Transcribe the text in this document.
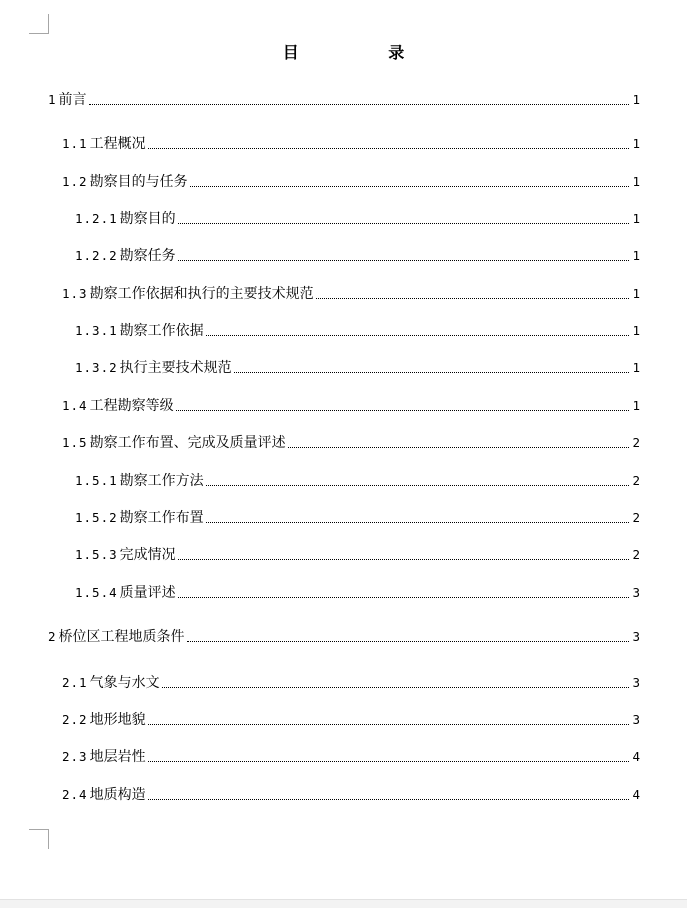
目 录
1 前言	1
1.1 工程概况	1
1.2 勘察目的与任务	1
1.2.1 勘察目的	1
1.2.2 勘察任务	1
1.3 勘察工作依据和执行的主要技术规范	1
1.3.1 勘察工作依据	1
1.3.2 执行主要技术规范	1
1.4 工程勘察等级	1
1.5 勘察工作布置、完成及质量评述	2
1.5.1 勘察工作方法	2
1.5.2 勘察工作布置	2
1.5.3 完成情况	2
1.5.4 质量评述	3
2 桥位区工程地质条件	3
2.1 气象与水文	3
2.2 地形地貌	3
2.3 地层岩性	4
2.4 地质构造	4
